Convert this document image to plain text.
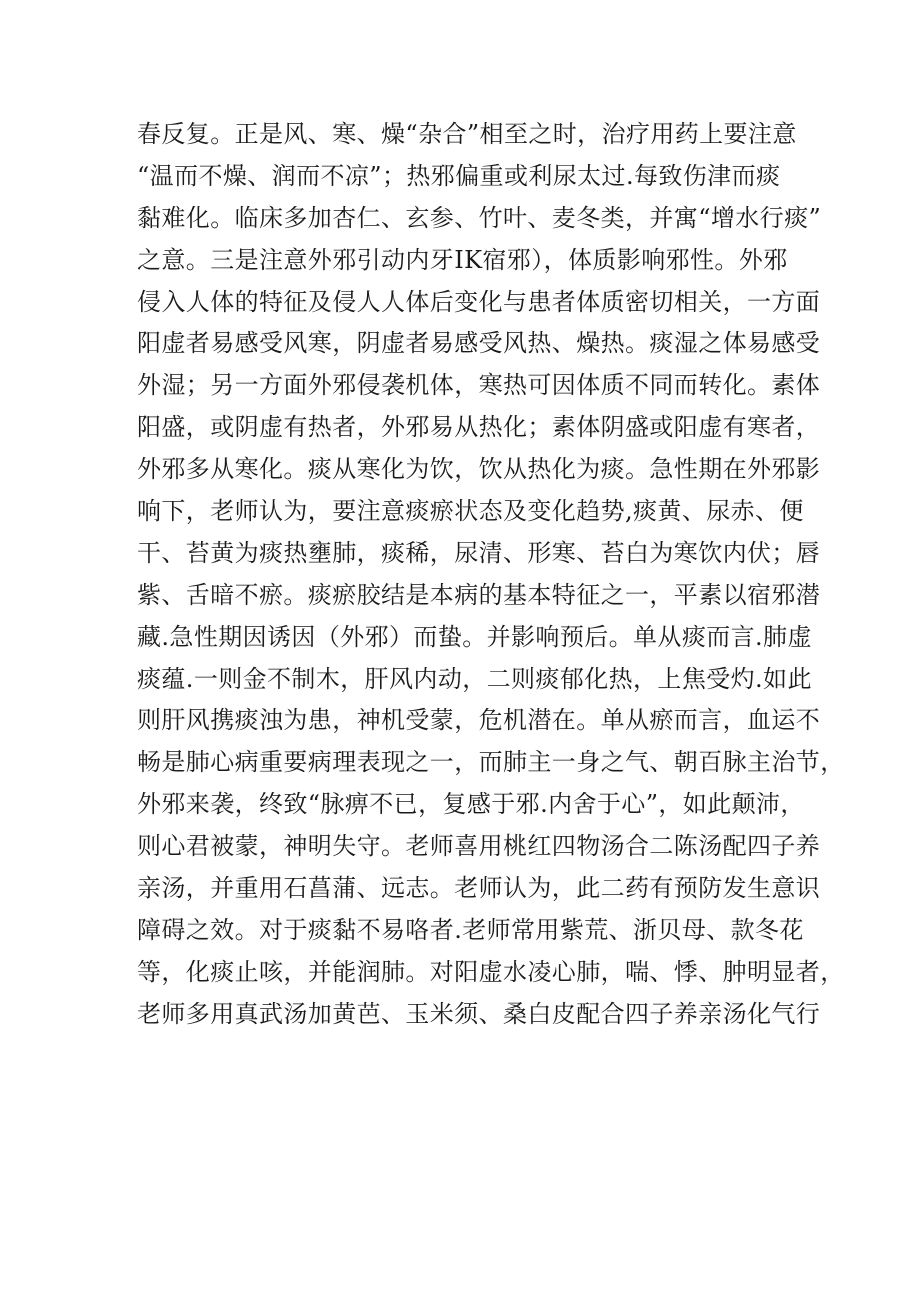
春反复。正是风、寒、燥“杂合”相至之时，治疗用药上要注意
“温而不燥、润而不凉”；热邪偏重或利尿太过.每致伤津而痰
黏难化。临床多加杏仁、玄参、竹叶、麦冬类，并寓“增水行痰”
之意。三是注意外邪引动内牙IK宿邪），体质影响邪性。外邪
侵入人体的特征及侵人人体后变化与患者体质密切相关，一方面
阳虚者易感受风寒，阴虚者易感受风热、燥热。痰湿之体易感受
外湿；另一方面外邪侵袭机体，寒热可因体质不同而转化。素体
阳盛，或阴虚有热者，外邪易从热化；素体阴盛或阳虚有寒者，
外邪多从寒化。痰从寒化为饮，饮从热化为痰。急性期在外邪影
响下，老师认为，要注意痰瘀状态及变化趋势,痰黄、尿赤、便
干、苔黄为痰热壅肺，痰稀，尿清、形寒、苔白为寒饮内伏；唇
紫、舌暗不瘀。痰瘀胶结是本病的基本特征之一，平素以宿邪潜
藏.急性期因诱因（外邪）而蛰。并影响预后。单从痰而言.肺虚
痰蕴.一则金不制木，肝风内动，二则痰郁化热，上焦受灼.如此
则肝风携痰浊为患，神机受蒙，危机潜在。单从瘀而言，血运不
畅是肺心病重要病理表现之一，而肺主一身之气、朝百脉主治节，
外邪来袭，终致“脉痹不已，复感于邪.内舍于心”，如此颠沛，
则心君被蒙，神明失守。老师喜用桃红四物汤合二陈汤配四子养
亲汤，并重用石菖蒲、远志。老师认为，此二药有预防发生意识
障碍之效。对于痰黏不易咯者.老师常用紫荒、浙贝母、款冬花
等，化痰止咳，并能润肺。对阳虚水凌心肺，喘、悸、肿明显者，
老师多用真武汤加黄芭、玉米须、桑白皮配合四子养亲汤化气行
